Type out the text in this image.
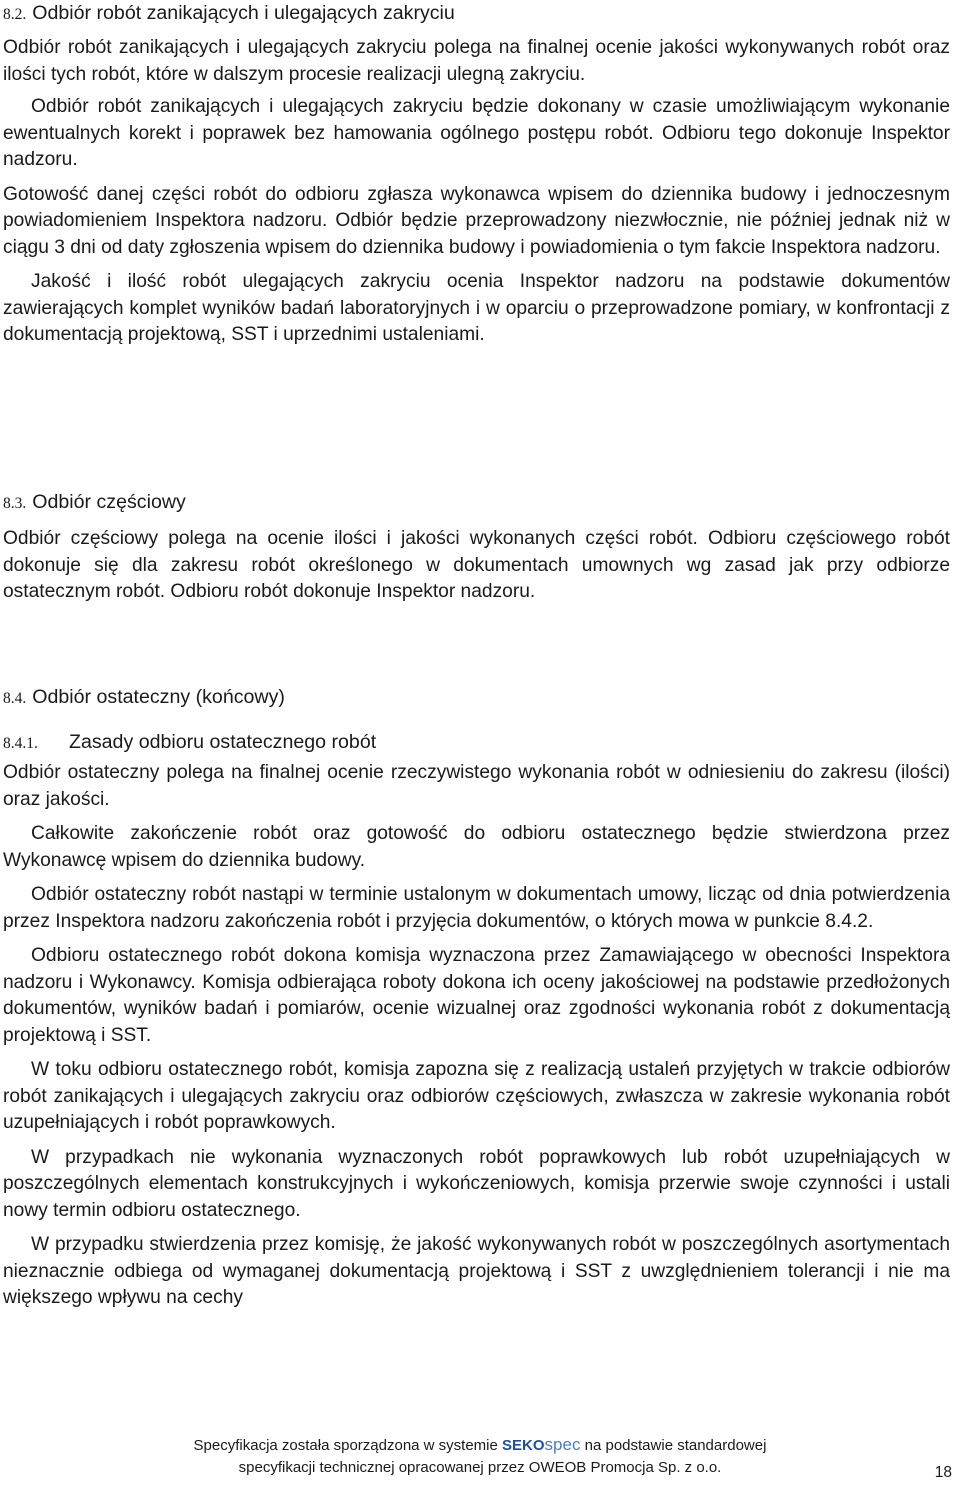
8.2. Odbiór robót zanikających i ulegających zakryciu

Odbiór robót zanikających i ulegających zakryciu polega na finalnej ocenie jakości wykonywanych robót oraz ilości tych robót, które w dalszym procesie realizacji ulegną zakryciu.

Odbiór robót zanikających i ulegających zakryciu będzie dokonany w czasie umożliwiającym wykonanie ewentualnych korekt i poprawek bez hamowania ogólnego postępu robót. Odbioru tego dokonuje Inspektor nadzoru.

Gotowość danej części robót do odbioru zgłasza wykonawca wpisem do dziennika budowy i jednoczesnym powiadomieniem Inspektora nadzoru. Odbiór będzie przeprowadzony niezwłocznie, nie później jednak niż w ciągu 3 dni od daty zgłoszenia wpisem do dziennika budowy i powiadomienia o tym fakcie Inspektora nadzoru.

Jakość i ilość robót ulegających zakryciu ocenia Inspektor nadzoru na podstawie dokumentów zawierających komplet wyników badań laboratoryjnych i w oparciu o przeprowadzone pomiary, w konfrontacji z dokumentacją projektową, SST i uprzednimi ustaleniami.

8.3. Odbiór częściowy

Odbiór częściowy polega na ocenie ilości i jakości wykonanych części robót. Odbioru częściowego robót dokonuje się dla zakresu robót określonego w dokumentach umownych wg zasad jak przy odbiorze ostatecznym robót. Odbioru robót dokonuje Inspektor nadzoru.

8.4. Odbiór ostateczny (końcowy)
8.4.1. Zasady odbioru ostatecznego robót

Odbiór ostateczny polega na finalnej ocenie rzeczywistego wykonania robót w odniesieniu do zakresu (ilości) oraz jakości.

Całkowite zakończenie robót oraz gotowość do odbioru ostatecznego będzie stwierdzona przez Wykonawcę wpisem do dziennika budowy.

Odbiór ostateczny robót nastąpi w terminie ustalonym w dokumentach umowy, licząc od dnia potwierdzenia przez Inspektora nadzoru zakończenia robót i przyjęcia dokumentów, o których mowa w punkcie 8.4.2.

Odbioru ostatecznego robót dokona komisja wyznaczona przez Zamawiającego w obecności Inspektora nadzoru i Wykonawcy. Komisja odbierająca roboty dokona ich oceny jakościowej na podstawie przedłożonych dokumentów, wyników badań i pomiarów, ocenie wizualnej oraz zgodności wykonania robót z dokumentacją projektową i SST.

W toku odbioru ostatecznego robót, komisja zapozna się z realizacją ustaleń przyjętych w trakcie odbiorów robót zanikających i ulegających zakryciu oraz odbiorów częściowych, zwłaszcza w zakresie wykonania robót uzupełniających i robót poprawkowych.

W przypadkach nie wykonania wyznaczonych robót poprawkowych lub robót uzupełniających w poszczególnych elementach konstrukcyjnych i wykończeniowych, komisja przerwie swoje czynności i ustali nowy termin odbioru ostatecznego.

W przypadku stwierdzenia przez komisję, że jakość wykonywanych robót w poszczególnych asortymentach nieznacznie odbiega od wymaganej dokumentacją projektową i SST z uwzględnieniem tolerancji i nie ma większego wpływu na cechy

Specyfikacja została sporządzona w systemie SEKOspec na podstawie standardowej
specyfikacji technicznej opracowanej przez OWEOB Promocja Sp. z o.o.	18
